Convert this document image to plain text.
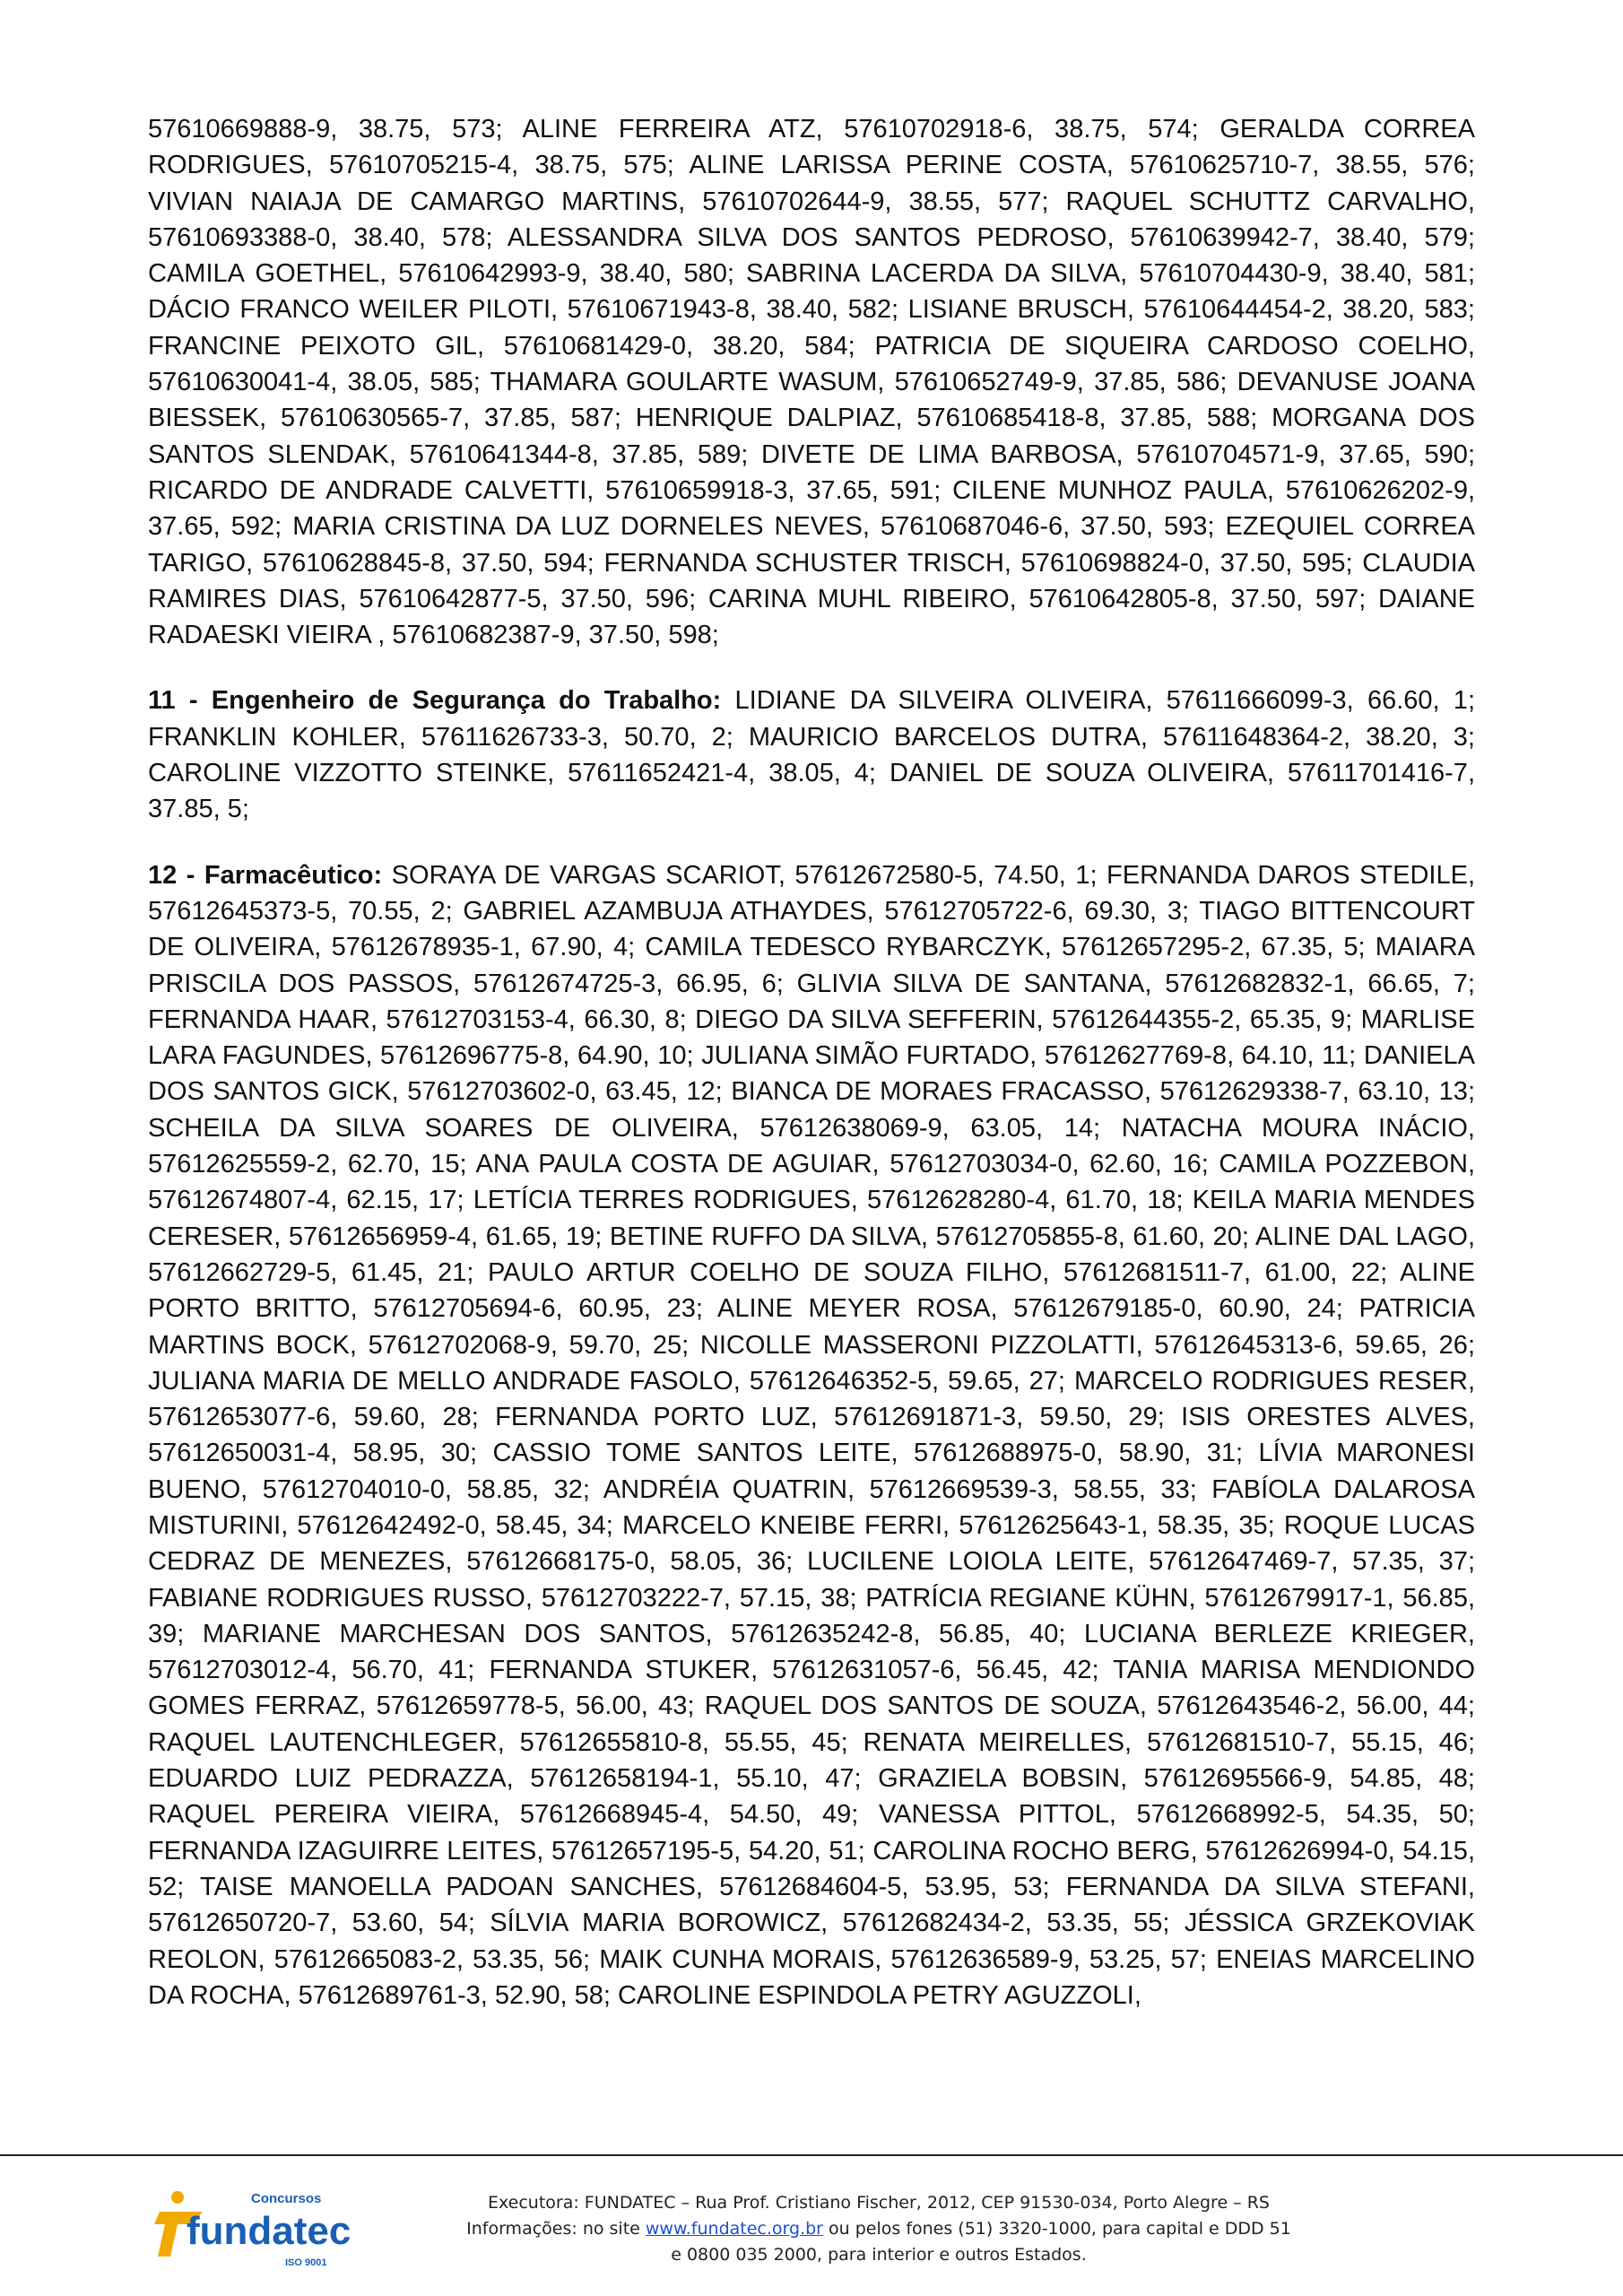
57610669888-9, 38.75, 573; ALINE FERREIRA ATZ, 57610702918-6, 38.75, 574; GERALDA CORREA RODRIGUES, 57610705215-4, 38.75, 575; ALINE LARISSA PERINE COSTA, 57610625710-7, 38.55, 576; VIVIAN NAIAJA DE CAMARGO MARTINS, 57610702644-9, 38.55, 577; RAQUEL SCHUTTZ CARVALHO, 57610693388-0, 38.40, 578; ALESSANDRA SILVA DOS SANTOS PEDROSO, 57610639942-7, 38.40, 579; CAMILA GOETHEL, 57610642993-9, 38.40, 580; SABRINA LACERDA DA SILVA, 57610704430-9, 38.40, 581; DÁCIO FRANCO WEILER PILOTI, 57610671943-8, 38.40, 582; LISIANE BRUSCH, 57610644454-2, 38.20, 583; FRANCINE PEIXOTO GIL, 57610681429-0, 38.20, 584; PATRICIA DE SIQUEIRA CARDOSO COELHO, 57610630041-4, 38.05, 585; THAMARA GOULARTE WASUM, 57610652749-9, 37.85, 586; DEVANUSE JOANA BIESSEK, 57610630565-7, 37.85, 587; HENRIQUE DALPIAZ, 57610685418-8, 37.85, 588; MORGANA DOS SANTOS SLENDAK, 57610641344-8, 37.85, 589; DIVETE DE LIMA BARBOSA, 57610704571-9, 37.65, 590; RICARDO DE ANDRADE CALVETTI, 57610659918-3, 37.65, 591; CILENE MUNHOZ PAULA, 57610626202-9, 37.65, 592; MARIA CRISTINA DA LUZ DORNELES NEVES, 57610687046-6, 37.50, 593; EZEQUIEL CORREA TARIGO, 57610628845-8, 37.50, 594; FERNANDA SCHUSTER TRISCH, 57610698824-0, 37.50, 595; CLAUDIA RAMIRES DIAS, 57610642877-5, 37.50, 596; CARINA MUHL RIBEIRO, 57610642805-8, 37.50, 597; DAIANE RADAESKI VIEIRA , 57610682387-9, 37.50, 598;

11 - Engenheiro de Segurança do Trabalho: LIDIANE DA SILVEIRA OLIVEIRA, 57611666099-3, 66.60, 1; FRANKLIN KOHLER, 57611626733-3, 50.70, 2; MAURICIO BARCELOS DUTRA, 57611648364-2, 38.20, 3; CAROLINE VIZZOTTO STEINKE, 57611652421-4, 38.05, 4; DANIEL DE SOUZA OLIVEIRA, 57611701416-7, 37.85, 5;

12 - Farmacêutico: SORAYA DE VARGAS SCARIOT, 57612672580-5, 74.50, 1; FERNANDA DAROS STEDILE, 57612645373-5, 70.55, 2; GABRIEL AZAMBUJA ATHAYDES, 57612705722-6, 69.30, 3; TIAGO BITTENCOURT DE OLIVEIRA, 57612678935-1, 67.90, 4; CAMILA TEDESCO RYBARCZYK, 57612657295-2, 67.35, 5; MAIARA PRISCILA DOS PASSOS, 57612674725-3, 66.95, 6; GLIVIA SILVA DE SANTANA, 57612682832-1, 66.65, 7; FERNANDA HAAR, 57612703153-4, 66.30, 8; DIEGO DA SILVA SEFFERIN, 57612644355-2, 65.35, 9; MARLISE LARA FAGUNDES, 57612696775-8, 64.90, 10; JULIANA SIMÃO FURTADO, 57612627769-8, 64.10, 11; DANIELA DOS SANTOS GICK, 57612703602-0, 63.45, 12; BIANCA DE MORAES FRACASSO, 57612629338-7, 63.10, 13; SCHEILA DA SILVA SOARES DE OLIVEIRA, 57612638069-9, 63.05, 14; NATACHA MOURA INÁCIO, 57612625559-2, 62.70, 15; ANA PAULA COSTA DE AGUIAR, 57612703034-0, 62.60, 16; CAMILA POZZEBON, 57612674807-4, 62.15, 17; LETÍCIA TERRES RODRIGUES, 57612628280-4, 61.70, 18; KEILA MARIA MENDES CERESER, 57612656959-4, 61.65, 19; BETINE RUFFO DA SILVA, 57612705855-8, 61.60, 20; ALINE DAL LAGO, 57612662729-5, 61.45, 21; PAULO ARTUR COELHO DE SOUZA FILHO, 57612681511-7, 61.00, 22; ALINE PORTO BRITTO, 57612705694-6, 60.95, 23; ALINE MEYER ROSA, 57612679185-0, 60.90, 24; PATRICIA MARTINS BOCK, 57612702068-9, 59.70, 25; NICOLLE MASSERONI PIZZOLATTI, 57612645313-6, 59.65, 26; JULIANA MARIA DE MELLO ANDRADE FASOLO, 57612646352-5, 59.65, 27; MARCELO RODRIGUES RESER, 57612653077-6, 59.60, 28; FERNANDA PORTO LUZ, 57612691871-3, 59.50, 29; ISIS ORESTES ALVES, 57612650031-4, 58.95, 30; CASSIO TOME SANTOS LEITE, 57612688975-0, 58.90, 31; LÍVIA MARONESI BUENO, 57612704010-0, 58.85, 32; ANDRÉIA QUATRIN, 57612669539-3, 58.55, 33; FABÍOLA DALAROSA MISTURINI, 57612642492-0, 58.45, 34; MARCELO KNEIBE FERRI, 57612625643-1, 58.35, 35; ROQUE LUCAS CEDRAZ DE MENEZES, 57612668175-0, 58.05, 36; LUCILENE LOIOLA LEITE, 57612647469-7, 57.35, 37; FABIANE RODRIGUES RUSSO, 57612703222-7, 57.15, 38; PATRÍCIA REGIANE KÜHN, 57612679917-1, 56.85, 39; MARIANE MARCHESAN DOS SANTOS, 57612635242-8, 56.85, 40; LUCIANA BERLEZE KRIEGER, 57612703012-4, 56.70, 41; FERNANDA STUKER, 57612631057-6, 56.45, 42; TANIA MARISA MENDIONDO GOMES FERRAZ, 57612659778-5, 56.00, 43; RAQUEL DOS SANTOS DE SOUZA, 57612643546-2, 56.00, 44; RAQUEL LAUTENCHLEGER, 57612655810-8, 55.55, 45; RENATA MEIRELLES, 57612681510-7, 55.15, 46; EDUARDO LUIZ PEDRAZZA, 57612658194-1, 55.10, 47; GRAZIELA BOBSIN, 57612695566-9, 54.85, 48; RAQUEL PEREIRA VIEIRA, 57612668945-4, 54.50, 49; VANESSA PITTOL, 57612668992-5, 54.35, 50; FERNANDA IZAGUIRRE LEITES, 57612657195-5, 54.20, 51; CAROLINA ROCHO BERG, 57612626994-0, 54.15, 52; TAISE MANOELLA PADOAN SANCHES, 57612684604-5, 53.95, 53; FERNANDA DA SILVA STEFANI, 57612650720-7, 53.60, 54; SÍLVIA MARIA BOROWICZ, 57612682434-2, 53.35, 55; JÉSSICA GRZEKOVIAK REOLON, 57612665083-2, 53.35, 56; MAIK CUNHA MORAIS, 57612636589-9, 53.25, 57; ENEIAS MARCELINO DA ROCHA, 57612689761-3, 52.90, 58; CAROLINE ESPINDOLA PETRY AGUZZOLI,

Concursos
fundatec
ISO 9001
Executora: FUNDATEC – Rua Prof. Cristiano Fischer, 2012, CEP 91530-034, Porto Alegre – RS
Informações: no site www.fundatec.org.br ou pelos fones (51) 3320-1000, para capital e DDD 51
e 0800 035 2000, para interior e outros Estados.
